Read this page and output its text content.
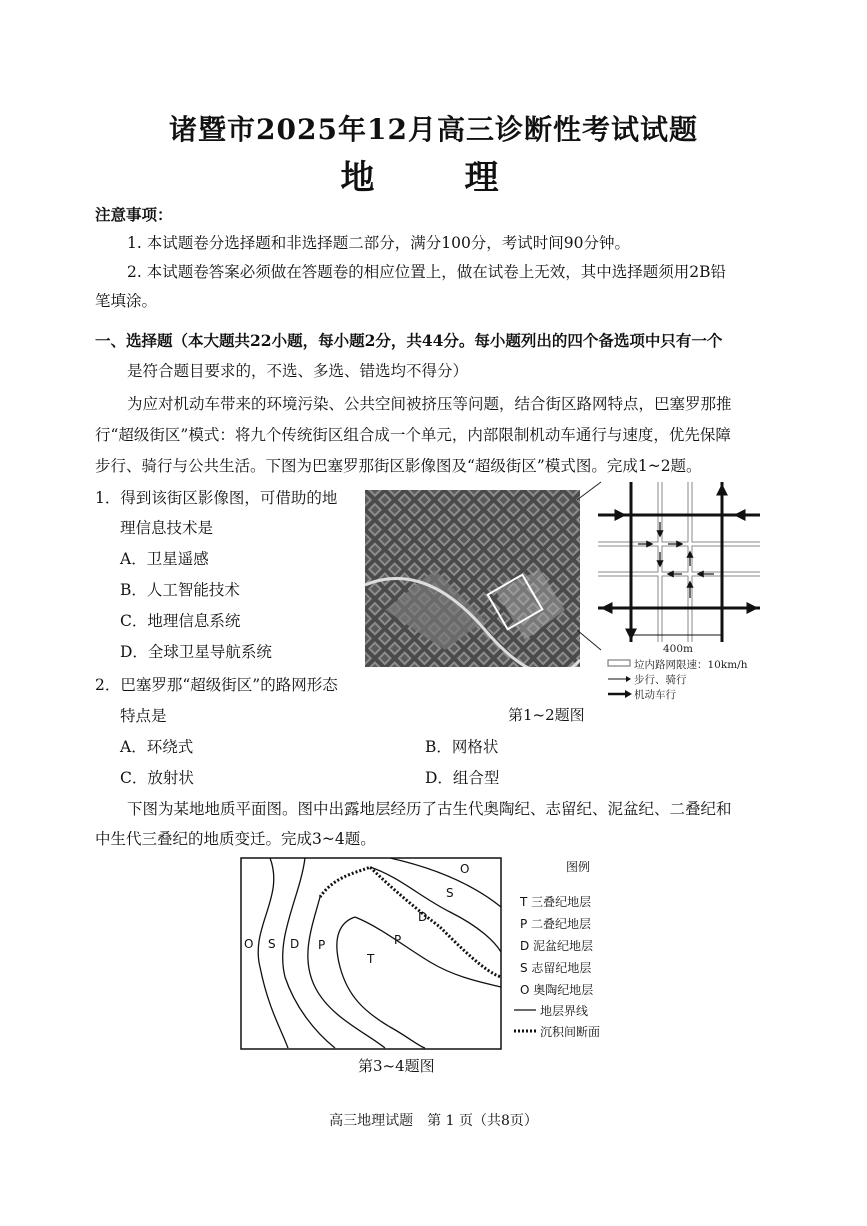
诸暨市2025年12月高三诊断性考试试题
地　理
注意事项：
1. 本试题卷分选择题和非选择题二部分，满分100分，考试时间90分钟。
2. 本试题卷答案必须做在答题卷的相应位置上，做在试卷上无效，其中选择题须用2B铅
笔填涂。
一、选择题（本大题共22小题，每小题2分，共44分。每小题列出的四个备选项中只有一个
是符合题目要求的，不选、多选、错选均不得分）
为应对机动车带来的环境污染、公共空间被挤压等问题，结合街区路网特点，巴塞罗那推
行“超级街区”模式：将九个传统街区组合成一个单元，内部限制机动车通行与速度，优先保障
步行、骑行与公共生活。下图为巴塞罗那街区影像图及“超级街区”模式图。完成1~2题。
1．得到该街区影像图，可借助的地
理信息技术是
A．卫星遥感
B．人工智能技术
C．地理信息系统
D．全球卫星导航系统
2．巴塞罗那“超级街区”的路网形态
特点是
A．环绕式	B．网格状
C．放射状	D．组合型
400m
垃内路网限速：10km/h
步行、骑行
机动车行
第1~2题图
下图为某地地质平面图。图中出露地层经历了古生代奥陶纪、志留纪、泥盆纪、二叠纪和
中生代三叠纪的地质变迁。完成3~4题。
O S D P
T
P
D
S
O	图例
T 三叠纪地层
P 二叠纪地层
D 泥盆纪地层
S 志留纪地层
O 奥陶纪地层
地层界线
沉积间断面
第3~4题图
高三地理试题　第 1 页（共8页）
